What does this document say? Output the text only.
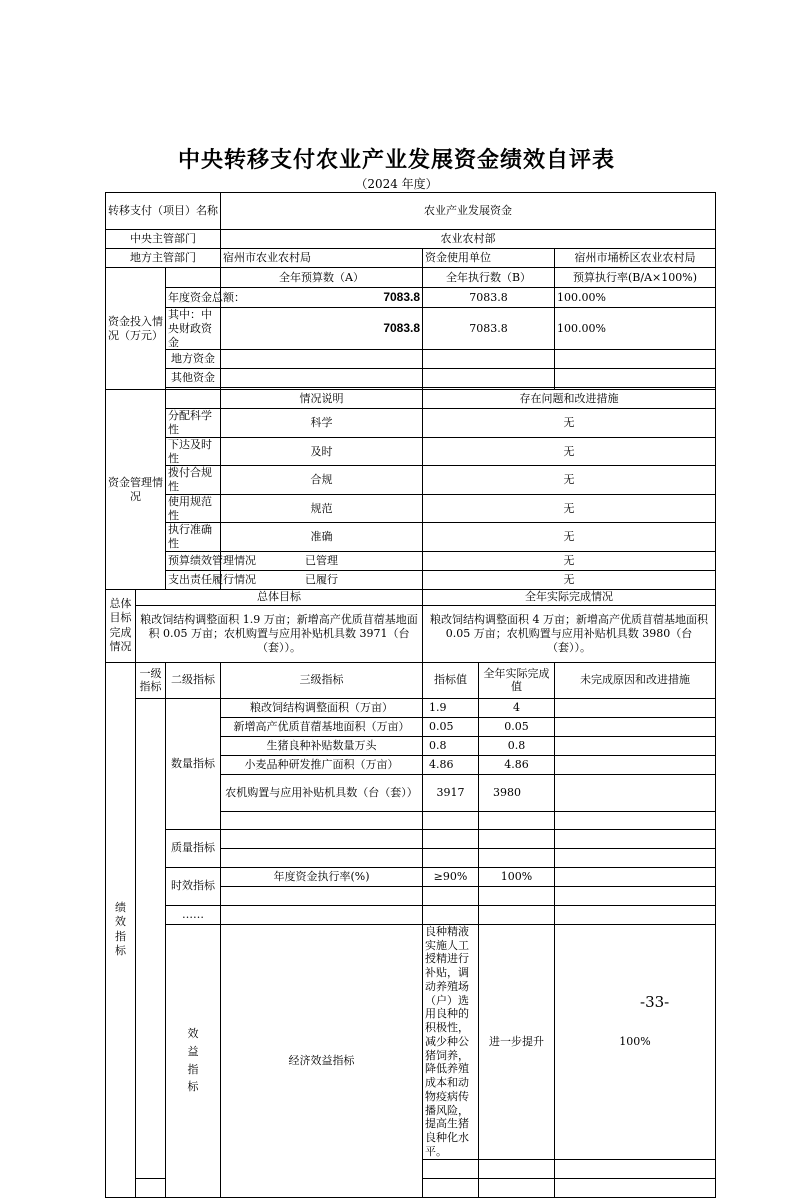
中央转移支付农业产业发展资金绩效自评表
（2024 年度）
转移支付（项目）名称			农业产业发展资金				
中央主管部门			农业农村部				
地方主管部门			宿州市农业农村局	资金使用单位		宿州市埇桥区农业农村局	
资金投入情况（万元）			全年预算数（A）	全年执行数（B）		预算执行率(B/A×100%)	
		年度资金总额：	7083.8	7083.8		100.00%	
		其中：中央财政资金	7083.8	7083.8		100.00%	
		地方资金					
		其他资金					

资金管理情况			情况说明	存在问题和改进措施			
		分配科学性	科学	无			
		下达及时性	及时	无			
		拨付合规性	合规	无			
		使用规范性	规范	无			
		执行准确性	准确	无			
		预算绩效管理情况	已管理	无			
		支出责任履行情况	已履行	无			

总体目标完成情况	总体目标			全年实际完成情况			
	粮改饲结构调整面积 1.9 万亩；新增高产优质苜蓿基地面积 0.05 万亩；农机购置与应用补贴机具数 3971（台（套））。			粮改饲结构调整面积 4 万亩；新增高产优质苜蓿基地面积 0.05 万亩；农机购置与应用补贴机具数 3980（台（套））。			

绩效指标	一级指标	二级指标	三级指标	指标值	全年实际完成值	未完成原因和改进措施	

	产出指标	数量指标	粮改饲结构调整面积（万亩）	1.9	4		
			新增高产优质苜蓿基地面积（万亩）	0.05	0.05		
			生猪良种补贴数量万头	0.8	0.8		
			小麦品种研发推广面积（万亩）	4.86	4.86		
			农机购置与应用补贴机具数（台（套））	3917	3980		

		质量指标					

		时效指标	年度资金执行率(%)	≥90%	100%		

		……					

		效益指标	经济效益指标	良种精液实施人工授精进行补贴，调动养殖场（户）选用良种的积极性，减少种公猪饲养，降低养殖成本和动物疫病传播风险，提高生猪良种化水平。	进一步提升	100%	

-33-
